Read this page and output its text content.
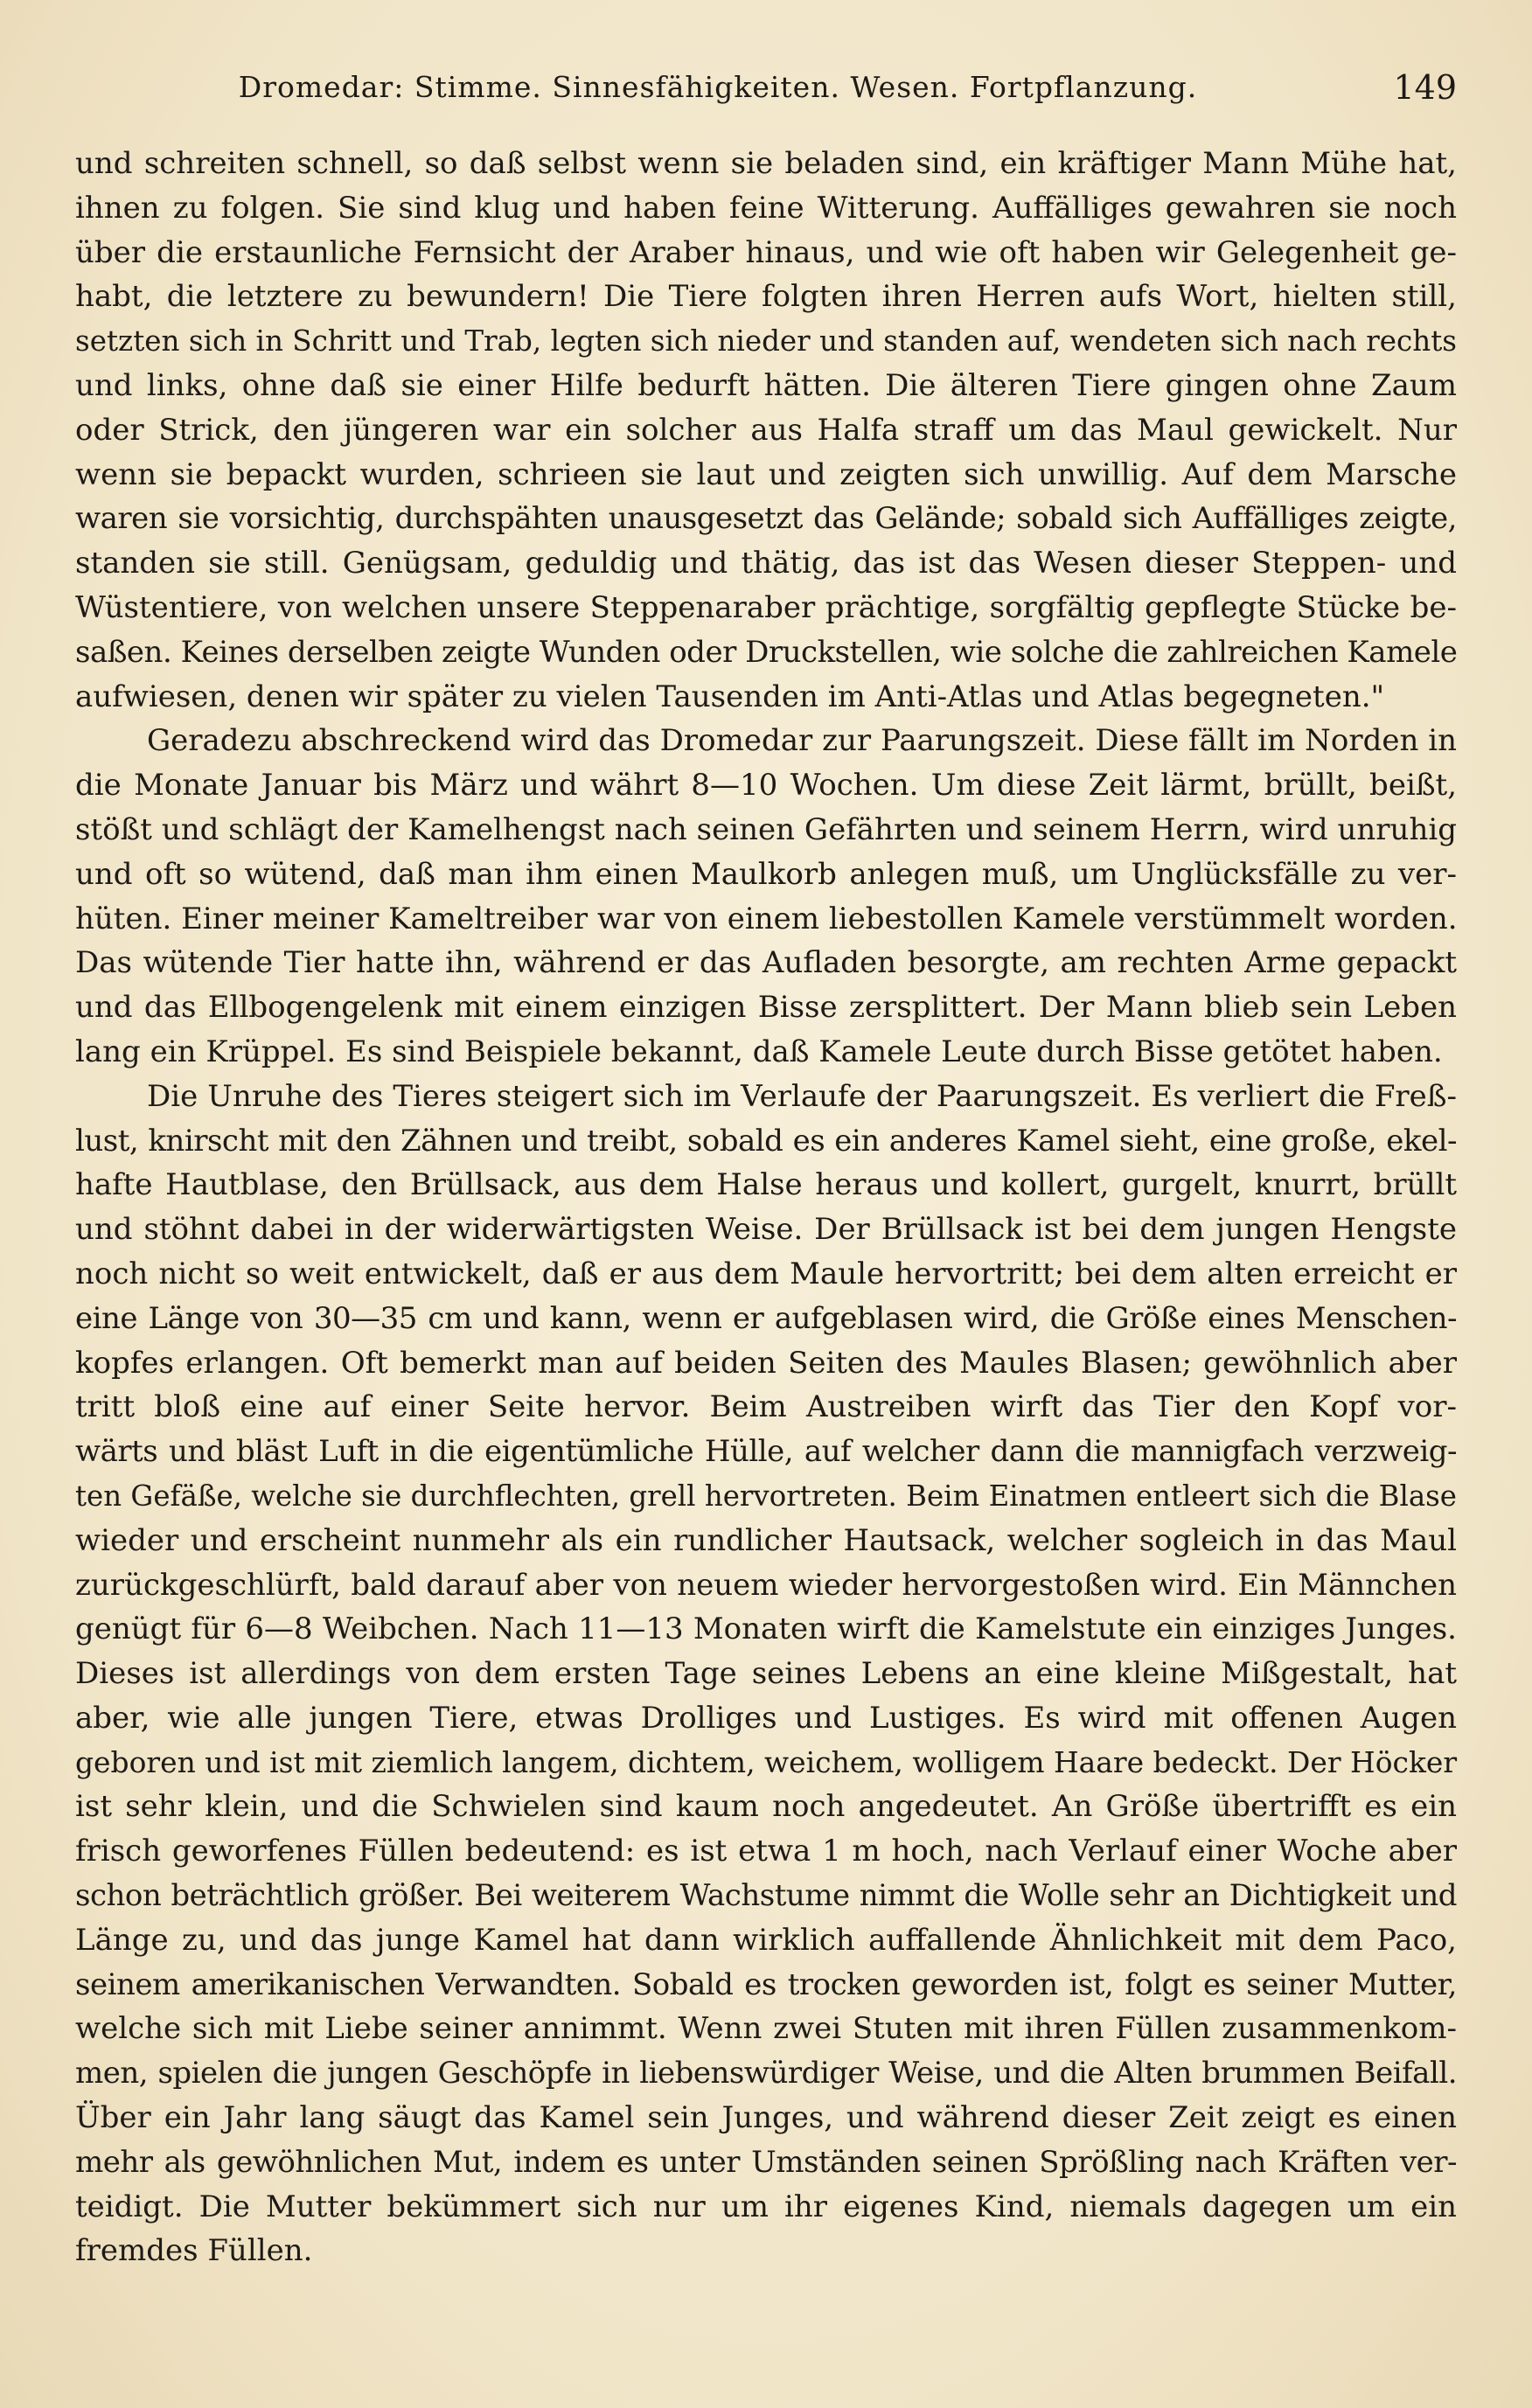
Dromedar: Stimme. Sinnesfähigkeiten. Wesen. Fortpflanzung.	149
und schreiten schnell, so daß selbst wenn sie beladen sind, ein kräftiger Mann Mühe hat,
ihnen zu folgen. Sie sind klug und haben feine Witterung. Auffälliges gewahren sie noch
über die erstaunliche Fernsicht der Araber hinaus, und wie oft haben wir Gelegenheit ge-
habt, die letztere zu bewundern! Die Tiere folgten ihren Herren aufs Wort, hielten still,
setzten sich in Schritt und Trab, legten sich nieder und standen auf, wendeten sich nach rechts
und links, ohne daß sie einer Hilfe bedurft hätten. Die älteren Tiere gingen ohne Zaum
oder Strick, den jüngeren war ein solcher aus Halfa straff um das Maul gewickelt. Nur
wenn sie bepackt wurden, schrieen sie laut und zeigten sich unwillig. Auf dem Marsche
waren sie vorsichtig, durchspähten unausgesetzt das Gelände; sobald sich Auffälliges zeigte,
standen sie still. Genügsam, geduldig und thätig, das ist das Wesen dieser Steppen- und
Wüstentiere, von welchen unsere Steppenaraber prächtige, sorgfältig gepflegte Stücke be-
saßen. Keines derselben zeigte Wunden oder Druckstellen, wie solche die zahlreichen Kamele
aufwiesen, denen wir später zu vielen Tausenden im Anti-Atlas und Atlas begegneten."
Geradezu abschreckend wird das Dromedar zur Paarungszeit. Diese fällt im Norden in
die Monate Januar bis März und währt 8—10 Wochen. Um diese Zeit lärmt, brüllt, beißt,
stößt und schlägt der Kamelhengst nach seinen Gefährten und seinem Herrn, wird unruhig
und oft so wütend, daß man ihm einen Maulkorb anlegen muß, um Unglücksfälle zu ver-
hüten. Einer meiner Kameltreiber war von einem liebestollen Kamele verstümmelt worden.
Das wütende Tier hatte ihn, während er das Aufladen besorgte, am rechten Arme gepackt
und das Ellbogengelenk mit einem einzigen Bisse zersplittert. Der Mann blieb sein Leben
lang ein Krüppel. Es sind Beispiele bekannt, daß Kamele Leute durch Bisse getötet haben.
Die Unruhe des Tieres steigert sich im Verlaufe der Paarungszeit. Es verliert die Freß-
lust, knirscht mit den Zähnen und treibt, sobald es ein anderes Kamel sieht, eine große, ekel-
hafte Hautblase, den Brüllsack, aus dem Halse heraus und kollert, gurgelt, knurrt, brüllt
und stöhnt dabei in der widerwärtigsten Weise. Der Brüllsack ist bei dem jungen Hengste
noch nicht so weit entwickelt, daß er aus dem Maule hervortritt; bei dem alten erreicht er
eine Länge von 30—35 cm und kann, wenn er aufgeblasen wird, die Größe eines Menschen-
kopfes erlangen. Oft bemerkt man auf beiden Seiten des Maules Blasen; gewöhnlich aber
tritt bloß eine auf einer Seite hervor. Beim Austreiben wirft das Tier den Kopf vor-
wärts und bläst Luft in die eigentümliche Hülle, auf welcher dann die mannigfach verzweig-
ten Gefäße, welche sie durchflechten, grell hervortreten. Beim Einatmen entleert sich die Blase
wieder und erscheint nunmehr als ein rundlicher Hautsack, welcher sogleich in das Maul
zurückgeschlürft, bald darauf aber von neuem wieder hervorgestoßen wird. Ein Männchen
genügt für 6—8 Weibchen. Nach 11—13 Monaten wirft die Kamelstute ein einziges Junges.
Dieses ist allerdings von dem ersten Tage seines Lebens an eine kleine Mißgestalt, hat
aber, wie alle jungen Tiere, etwas Drolliges und Lustiges. Es wird mit offenen Augen
geboren und ist mit ziemlich langem, dichtem, weichem, wolligem Haare bedeckt. Der Höcker
ist sehr klein, und die Schwielen sind kaum noch angedeutet. An Größe übertrifft es ein
frisch geworfenes Füllen bedeutend: es ist etwa 1 m hoch, nach Verlauf einer Woche aber
schon beträchtlich größer. Bei weiterem Wachstume nimmt die Wolle sehr an Dichtigkeit und
Länge zu, und das junge Kamel hat dann wirklich auffallende Ähnlichkeit mit dem Paco,
seinem amerikanischen Verwandten. Sobald es trocken geworden ist, folgt es seiner Mutter,
welche sich mit Liebe seiner annimmt. Wenn zwei Stuten mit ihren Füllen zusammenkom-
men, spielen die jungen Geschöpfe in liebenswürdiger Weise, und die Alten brummen Beifall.
Über ein Jahr lang säugt das Kamel sein Junges, und während dieser Zeit zeigt es einen
mehr als gewöhnlichen Mut, indem es unter Umständen seinen Sprößling nach Kräften ver-
teidigt. Die Mutter bekümmert sich nur um ihr eigenes Kind, niemals dagegen um ein
fremdes Füllen.
